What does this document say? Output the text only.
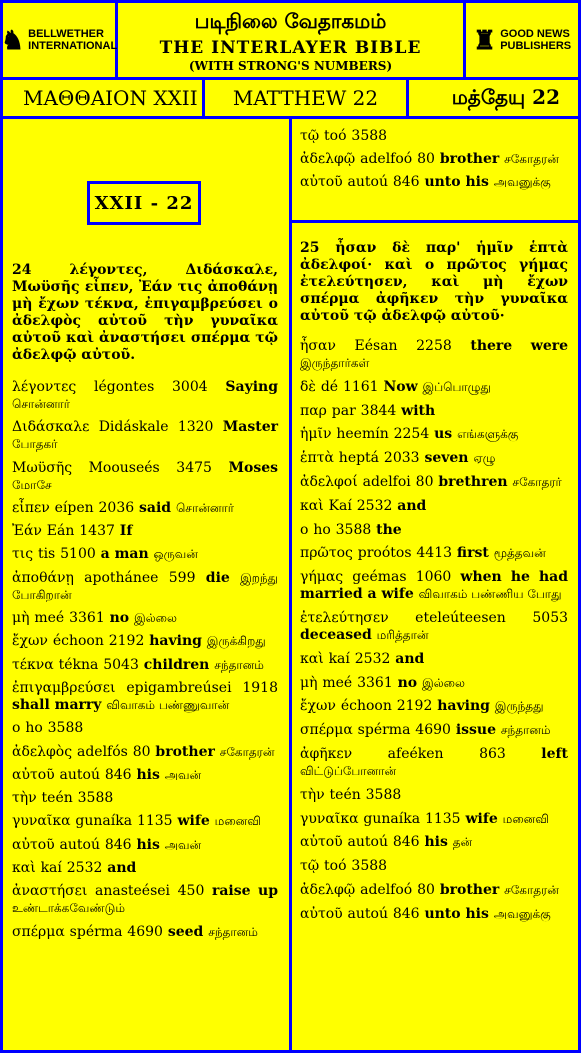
♞ BELLWETHER
INTERNATIONAL
படிநிலை வேதாகமம்
THE INTERLAYER BIBLE
(WITH STRONG'S NUMBERS)
♜ GOOD NEWS
PUBLISHERS
ΜΑΘΘΑΙΟΝ XXII MATTHEW 22	மத்தேயு 22
XXII - 22
24 λέγοντες, Διδάσκαλε, Μωϋσῆς εἶπεν, Ἐάν τις ἀποθάνῃ μὴ ἔχων τέκνα, ἐπιγαμβρεύσει ο ἀδελφὸς αὐτοῦ τὴν γυναῖκα αὐτοῦ καὶ ἀναστήσει σπέρμα τῷ ἀδελφῷ αὐτοῦ.

λέγοντες légontes 3004 Saying சொன்னார்

Διδάσκαλε Didáskale 1320 Master போதகர்

Μωϋσῆς Moouseés 3475 Moses மோசே

εἶπεν eípen 2036 said சொன்னார்

Ἐάν Eán 1437 If

τις tis 5100 a man ஒருவன்

ἀποθάνῃ apothánee 599 die இறந்து போகிறான்

μὴ meé 3361 no இல்லை

ἔχων échoon 2192 having இருக்கிறது

τέκνα tékna 5043 children சந்தானம்

ἐπιγαμβρεύσει epigambreúsei 1918 shall marry விவாகம் பண்ணுவான்

ο ho 3588

ἀδελφὸς adelfós 80 brother சகோதரன்

αὐτοῦ autoú 846 his அவன்

τὴν teén 3588

γυναῖκα gunaíka 1135 wife மனைவி

αὐτοῦ autoú 846 his அவன்

καὶ kaí 2532 and

ἀναστήσει anasteései 450 raise up உண்டாக்கவேண்டும்

σπέρμα spérma 4690 seed சந்தானம்

τῷ toó 3588

ἀδελφῷ adelfoó 80 brother சகோதரன்

αὐτοῦ autoú 846 unto his அவனுக்கு

25 ἦσαν δὲ παρ' ἡμῖν ἑπτὰ ἀδελφοί· καὶ ο πρῶτος γήμας ἐτελεύτησεν, καὶ μὴ ἔχων σπέρμα ἀφῆκεν τὴν γυναῖκα αὐτοῦ τῷ ἀδελφῷ αὐτοῦ·

ἦσαν Eésan 2258 there were இருந்தார்கள்

δὲ dé 1161 Now இப்பொழுது

παρ par 3844 with

ἡμῖν heemín 2254 us எங்களுக்கு

ἑπτὰ heptá 2033 seven ஏழு

ἀδελφοί adelfoi 80 brethren சகோதரர்

καὶ Kaí 2532 and

ο ho 3588 the

πρῶτος proótos 4413 first மூத்தவன்

γήμας geémas 1060 when he had married a wife விவாகம் பண்ணிய போது

ἐτελεύτησεν eteleúteesen 5053 deceased மரித்தான்

καὶ kaí 2532 and

μὴ meé 3361 no இல்லை

ἔχων échoon 2192 having இருந்தது

σπέρμα spérma 4690 issue சந்தானம்

ἀφῆκεν	afeéken	863	left விட்டுப்போனான்

τὴν teén 3588

γυναῖκα gunaíka 1135 wife மனைவி

αὐτοῦ autoú 846 his தன்

τῷ toó 3588

ἀδελφῷ adelfoó 80 brother சகோதரன்

αὐτοῦ autoú 846 unto his அவனுக்கு
